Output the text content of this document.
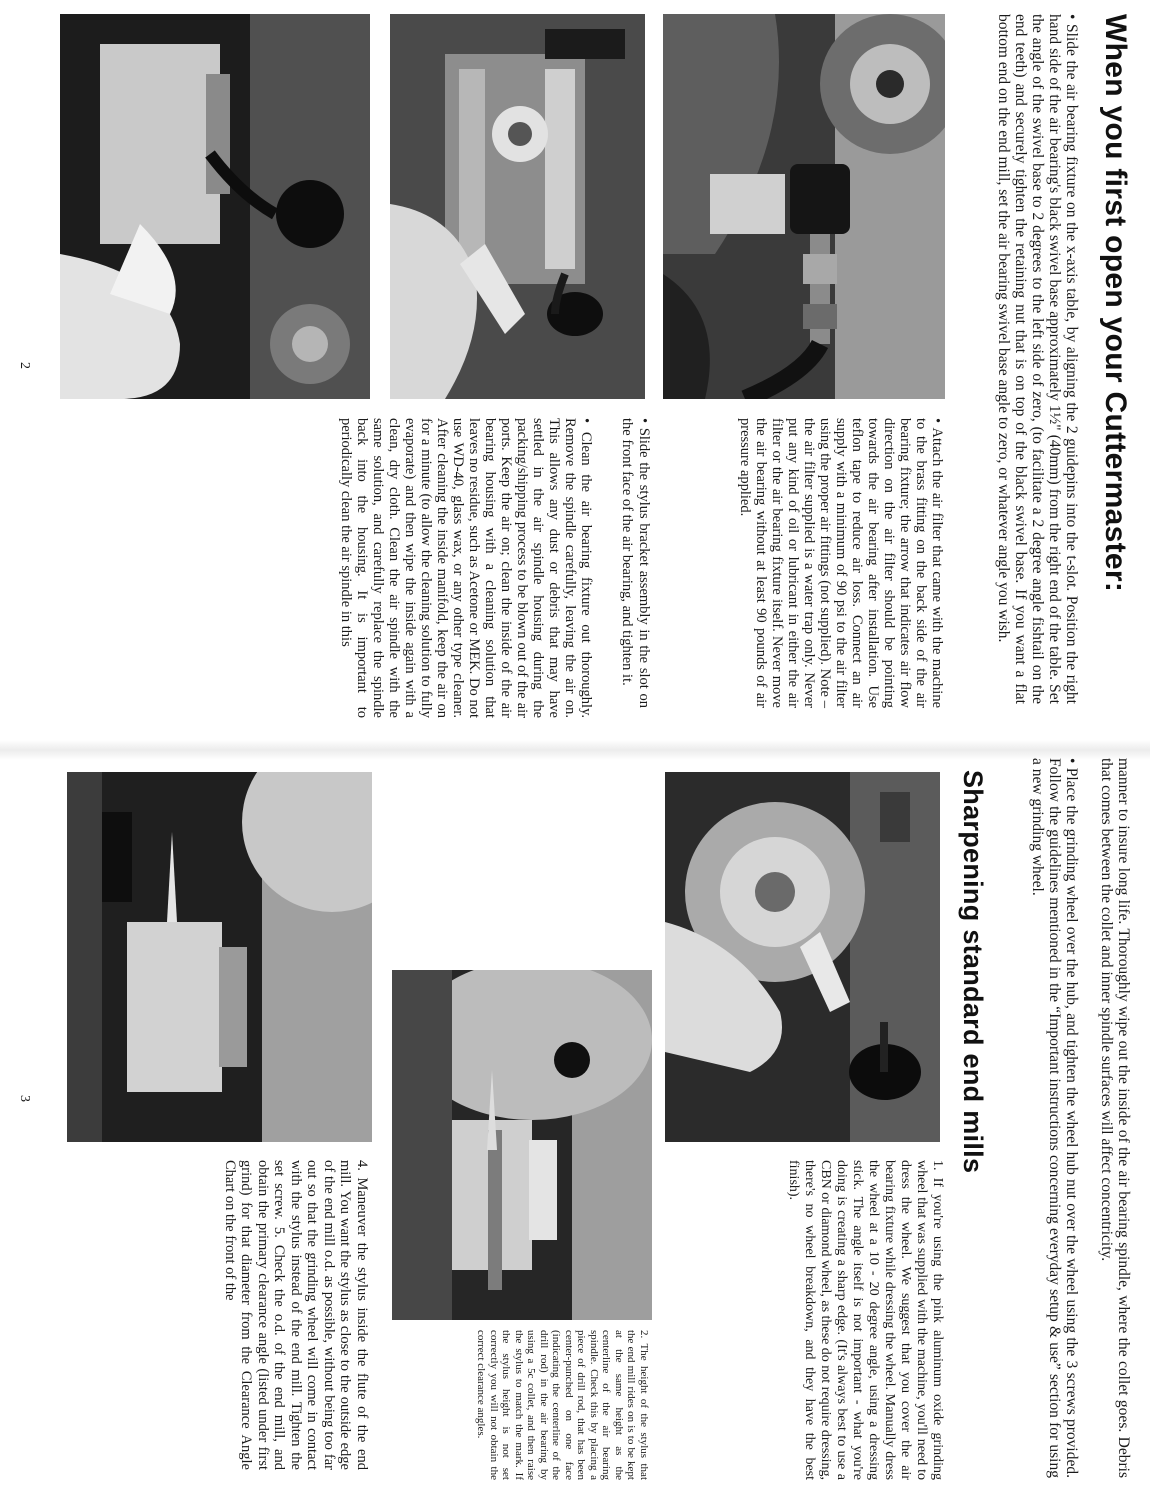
When you first open your Cuttermaster:

• Slide the air bearing fixture on the x-axis table, by aligning the 2 guidepins into the t-slot. Position the right hand side of the air bearing's black swivel base approximately 1½" (40mm) from the right end of the table. Set the angle of the swivel base to 2 degrees to the left side of zero, (to facilitate a 2 degree angle fishtail on the end teeth) and securely tighten the retaining nut that is on top of the black swivel base. If you want a flat bottom end on the end mill, set the air bearing swivel base angle to zero, or whatever angle you wish.

• Attach the air filter that came with the machine to the brass fitting on the back side of the air bearing fixture; the arrow that indicates air flow direction on the air filter should be pointing towards the air bearing after installation. Use teflon tape to reduce air loss. Connect an air supply with a minimum of 90 psi to the air filter using the proper air fittings (not supplied). Note – the air filter supplied is a water trap only. Never put any kind of oil or lubricant in either the air filter or the air bearing fixture itself. Never move the air bearing without at least 90 pounds of air pressure applied.

• Slide the stylus bracket assembly in the slot on the front face of the air bearing, and tighten it.

• Clean the air bearing fixture out thoroughly. Remove the spindle carefully, leaving the air on. This allows any dust or debris that may have settled in the air spindle housing during the packing/shipping process to be blown out of the air ports. Keep the air on; clean the inside of the air bearing housing with a cleaning solution that leaves no residue, such as Acetone or MEK. Do not use WD-40, glass wax, or any other type cleaner. After cleaning the inside manifold, keep the air on for a minute (to allow the cleaning solution to fully evaporate) and then wipe the inside again with a clean, dry cloth. Clean the air spindle with the same solution, and carefully replace the spindle back into the housing. It is important to periodically clean the air spindle in this

2

manner to insure long life. Thoroughly wipe out the inside of the air bearing spindle, where the collet goes. Debris that comes between the collet and inner spindle surfaces will affect concentricity.

• Place the grinding wheel over the hub, and tighten the wheel hub nut over the wheel using the 3 screws provided. Follow the guidelines mentioned in the “Important instructions concerning everyday setup & use” section for using a new grinding wheel.

Sharpening standard end mills

1. If you're using the pink aluminum oxide grinding wheel that was supplied with the machine, you'll need to dress the wheel. We suggest that you cover the air bearing fixture while dressing the wheel. Manually dress the wheel at a 10 - 20 degree angle, using a dressing stick. The angle itself is not important - what you're doing is creating a sharp edge. (It's always best to use a CBN or diamond wheel, as these do not require dressing, there's no wheel breakdown, and they have the best finish).

4. Maneuver the stylus inside the flute of the end mill. You want the stylus as close to the outside edge of the end mill o.d. as possible, without being too far out so that the grinding wheel will come in contact with the stylus instead of the end mill. Tighten the set screw. 5. Check the o.d. of the end mill, and obtain the primary clearance angle (listed under first grind) for that diameter from the Clearance Angle Chart on the front of the

2. The height of the stylus that the end mill rides on is to be kept at the same height as the centerline of the air bearing spindle. Check this by placing a piece of drill rod, that has been center-punched on one face (indicating the centerline of the drill rod) in the air bearing by using a 5c collet, and then raise the stylus to match the mark. If the stylus height is not set correctly you will not obtain the correct clearance angles.

3
